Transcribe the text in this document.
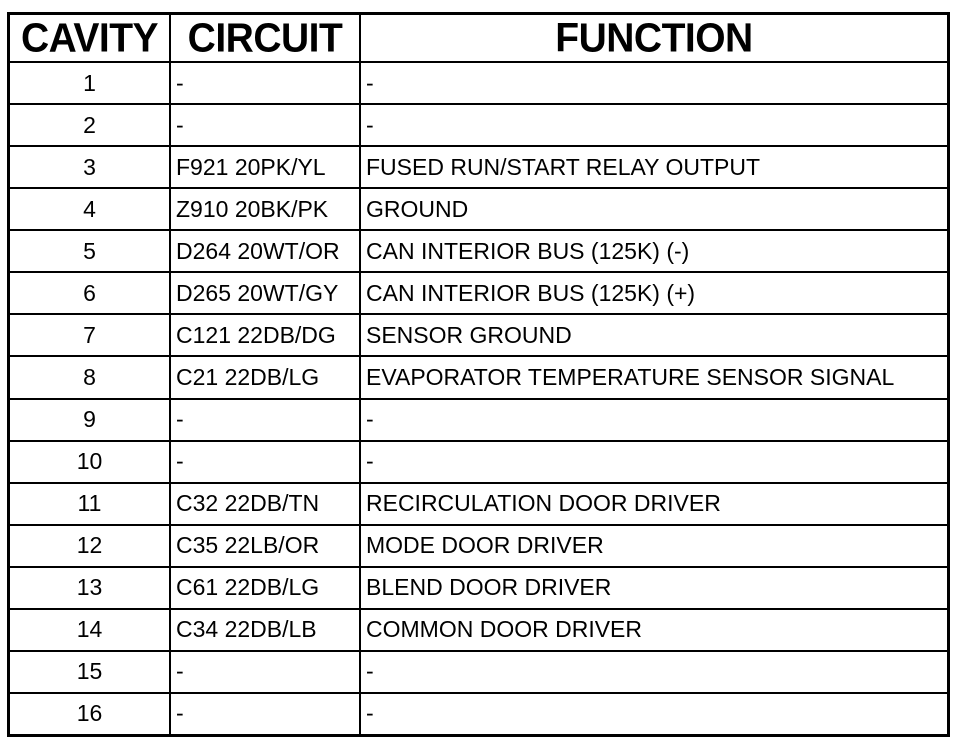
CAVITY	CIRCUIT	FUNCTION
1	-	-
2	-	-
3	F921 20PK/YL	FUSED RUN/START RELAY OUTPUT
4	Z910 20BK/PK	GROUND
5	D264 20WT/OR	CAN INTERIOR BUS (125K) (-)
6	D265 20WT/GY	CAN INTERIOR BUS (125K) (+)
7	C121 22DB/DG	SENSOR GROUND
8	C21 22DB/LG	EVAPORATOR TEMPERATURE SENSOR SIGNAL
9	-	-
10	-	-
11	C32 22DB/TN	RECIRCULATION DOOR DRIVER
12	C35 22LB/OR	MODE DOOR DRIVER
13	C61 22DB/LG	BLEND DOOR DRIVER
14	C34 22DB/LB	COMMON DOOR DRIVER
15	-	-
16	-	-
